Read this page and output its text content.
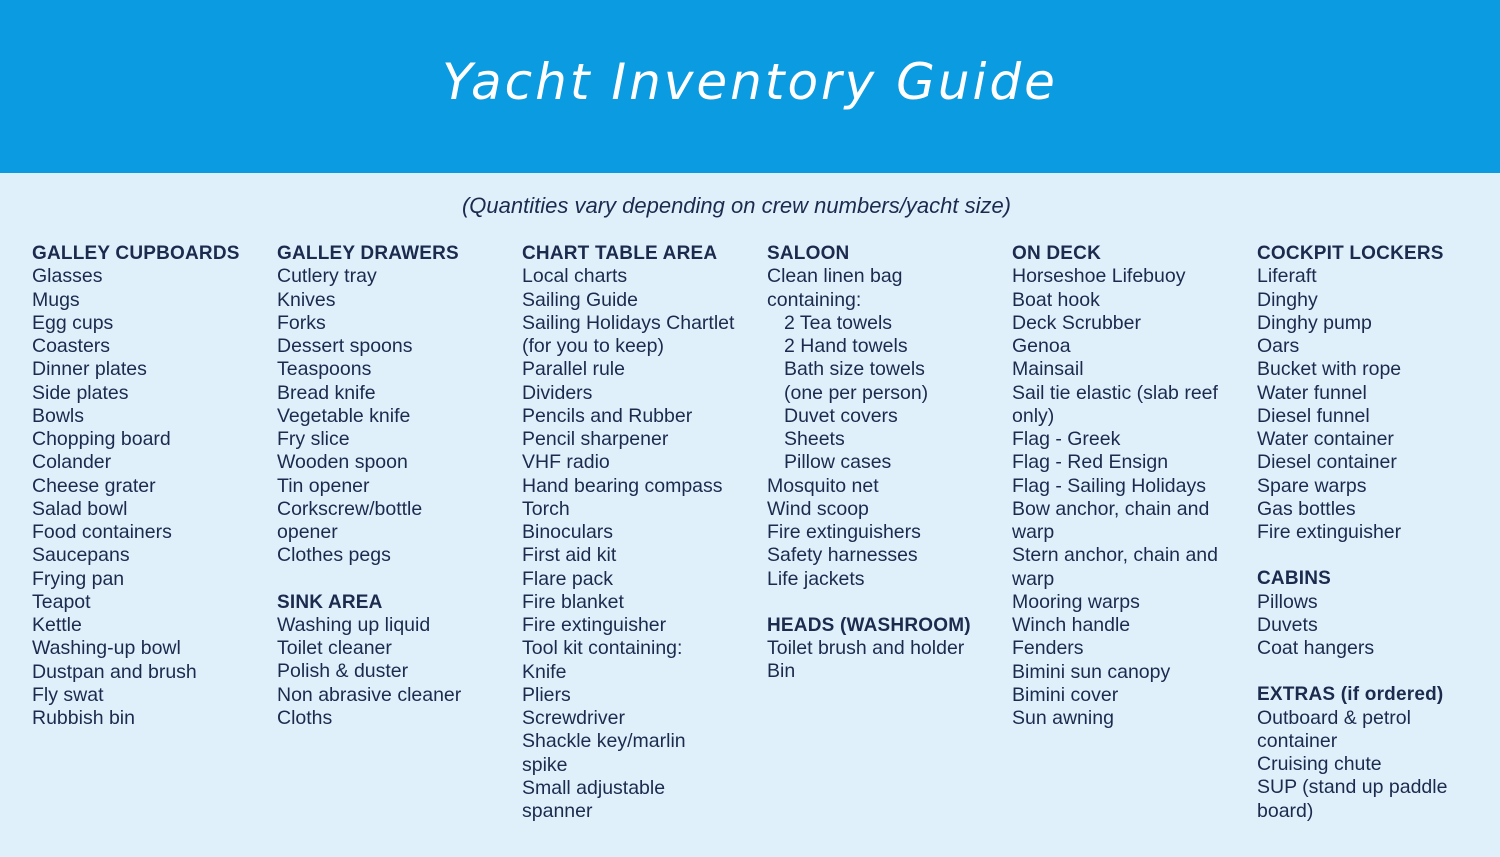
Yacht Inventory Guide
(Quantities vary depending on crew numbers/yacht size)
GALLEY CUPBOARDS
Glasses
Mugs
Egg cups
Coasters
Dinner plates
Side plates
Bowls
Chopping board
Colander
Cheese grater
Salad bowl
Food containers
Saucepans
Frying pan
Teapot
Kettle
Washing-up bowl
Dustpan and brush
Fly swat
Rubbish bin
GALLEY DRAWERS
Cutlery tray
Knives
Forks
Dessert spoons
Teaspoons
Bread knife
Vegetable knife
Fry slice
Wooden spoon
Tin opener
Corkscrew/bottle
opener
Clothes pegs
SINK AREA
Washing up liquid
Toilet cleaner
Polish & duster
Non abrasive cleaner
Cloths
CHART TABLE AREA
Local charts
Sailing Guide
Sailing Holidays Chartlet
(for you to keep)
Parallel rule
Dividers
Pencils and Rubber
Pencil sharpener
VHF radio
Hand bearing compass
Torch
Binoculars
First aid kit
Flare pack
Fire blanket
Fire extinguisher
Tool kit containing:
Knife
Pliers
Screwdriver
Shackle key/marlin
spike
Small adjustable
spanner
SALOON
Clean linen bag
containing:
2 Tea towels
2 Hand towels
Bath size towels
(one per person)
Duvet covers
Sheets
Pillow cases
Mosquito net
Wind scoop
Fire extinguishers
Safety harnesses
Life jackets
HEADS (WASHROOM)
Toilet brush and holder
Bin
ON DECK
Horseshoe Lifebuoy
Boat hook
Deck Scrubber
Genoa
Mainsail
Sail tie elastic (slab reef
only)
Flag - Greek
Flag - Red Ensign
Flag - Sailing Holidays
Bow anchor, chain and
warp
Stern anchor, chain and
warp
Mooring warps
Winch handle
Fenders
Bimini sun canopy
Bimini cover
Sun awning
COCKPIT LOCKERS
Liferaft
Dinghy
Dinghy pump
Oars
Bucket with rope
Water funnel
Diesel funnel
Water container
Diesel container
Spare warps
Gas bottles
Fire extinguisher
CABINS
Pillows
Duvets
Coat hangers
EXTRAS (if ordered)
Outboard & petrol
container
Cruising chute
SUP (stand up paddle
board)
